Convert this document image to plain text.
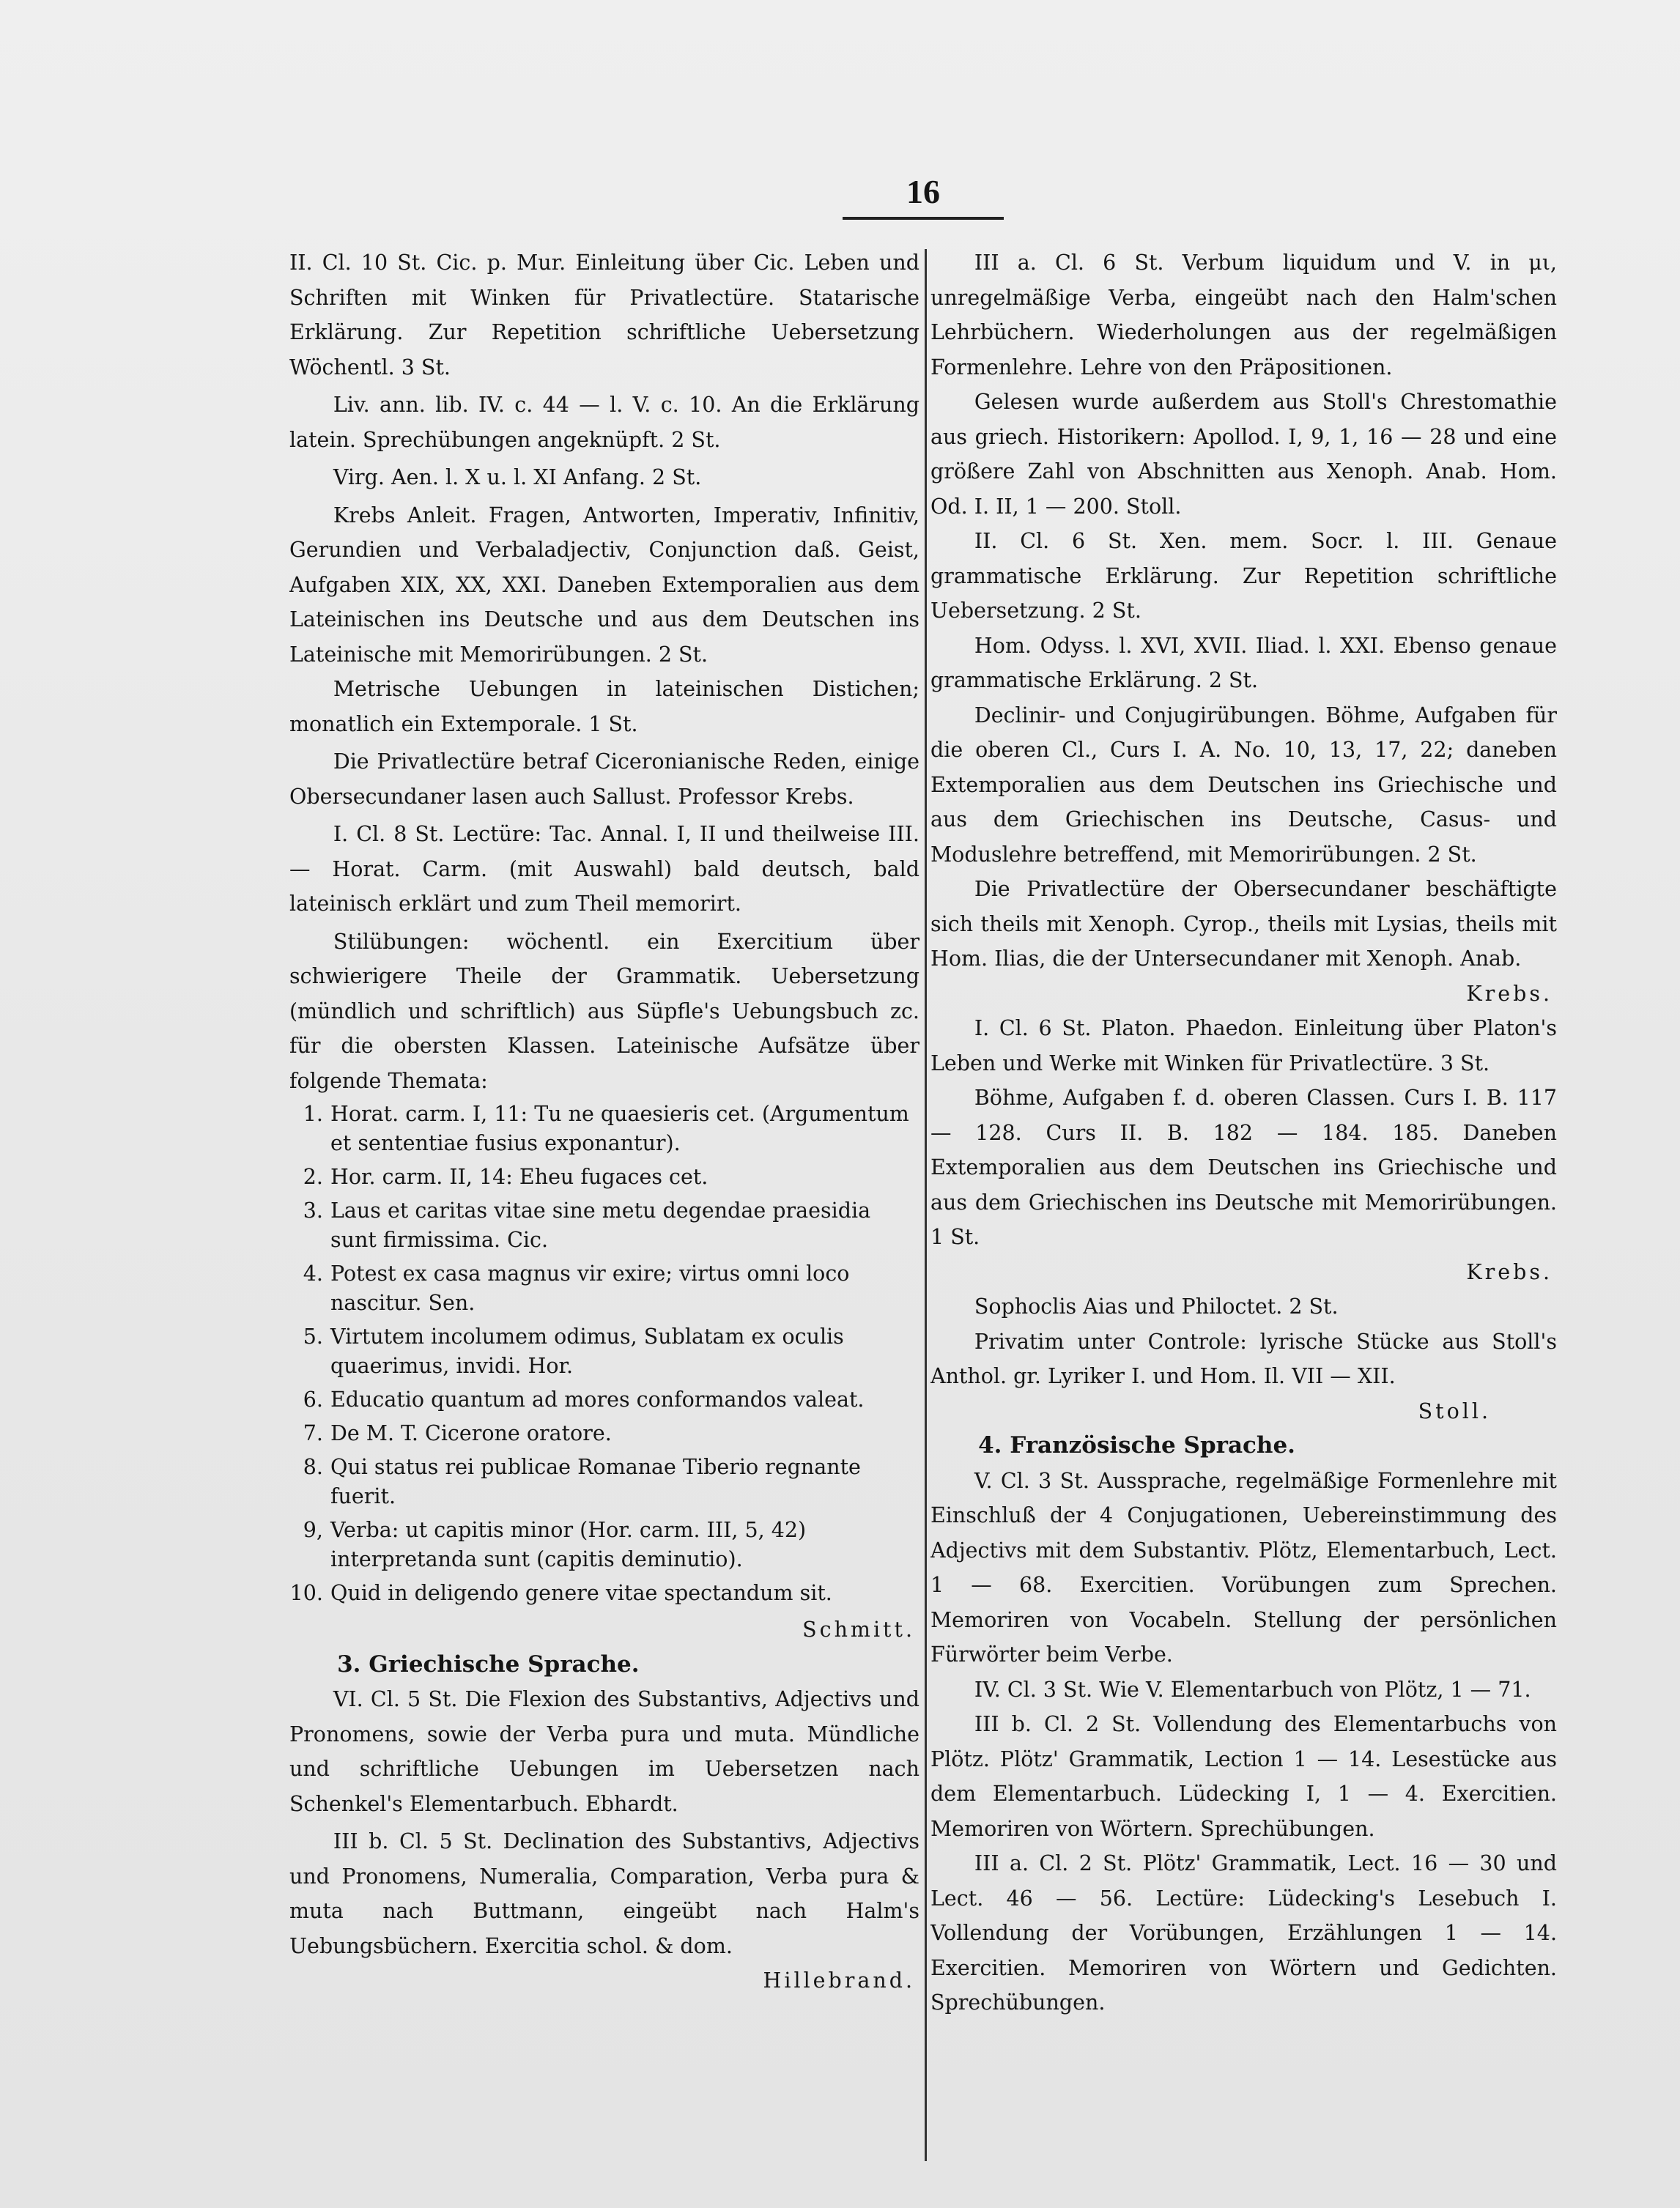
16

II. Cl. 10 St. Cic. p. Mur. Einleitung über Cic. Leben und Schriften mit Winken für Privatlectüre. Statarische Erklärung. Zur Repetition schriftliche Uebersetzung Wöchentl. 3 St.

Liv. ann. lib. IV. c. 44 — l. V. c. 10. An die Erklärung latein. Sprechübungen angeknüpft. 2 St.

Virg. Aen. l. X u. l. XI Anfang. 2 St.

Krebs Anleit. Fragen, Antworten, Imperativ, Infinitiv, Gerundien und Verbaladjectiv, Conjunction daß. Geist, Aufgaben XIX, XX, XXI. Daneben Extemporalien aus dem Lateinischen ins Deutsche und aus dem Deutschen ins Lateinische mit Memorirübungen. 2 St.

Metrische Uebungen in lateinischen Distichen; monatlich ein Extemporale. 1 St.

Die Privatlectüre betraf Ciceronianische Reden, einige Obersecundaner lasen auch Sallust. Professor Krebs.

I. Cl. 8 St. Lectüre: Tac. Annal. I, II und theilweise III. — Horat. Carm. (mit Auswahl) bald deutsch, bald lateinisch erklärt und zum Theil memorirt.

Stilübungen: wöchentl. ein Exercitium über schwierigere Theile der Grammatik. Uebersetzung (mündlich und schriftlich) aus Süpfle's Uebungsbuch zc. für die obersten Klassen. Lateinische Aufsätze über folgende Themata:

1. Horat. carm. I, 11: Tu ne quaesieris cet. (Argumentum et sententiae fusius exponantur).
2. Hor. carm. II, 14: Eheu fugaces cet.
3. Laus et caritas vitae sine metu degendae praesidia sunt firmissima. Cic.
4. Potest ex casa magnus vir exire; virtus omni loco nascitur. Sen.
5. Virtutem incolumem odimus, Sublatam ex oculis quaerimus, invidi. Hor.
6. Educatio quantum ad mores conformandos valeat.
7. De M. T. Cicerone oratore.
8. Qui status rei publicae Romanae Tiberio regnante fuerit.
9, Verba: ut capitis minor (Hor. carm. III, 5, 42) interpretanda sunt (capitis deminutio).
10. Quid in deligendo genere vitae spectandum sit.
Schmitt.

3. Griechische Sprache.

VI. Cl. 5 St. Die Flexion des Substantivs, Adjectivs und Pronomens, sowie der Verba pura und muta. Mündliche und schriftliche Uebungen im Uebersetzen nach Schenkel's Elementarbuch. Ebhardt.

III b. Cl. 5 St. Declination des Substantivs, Adjectivs und Pronomens, Numeralia, Comparation, Verba pura & muta nach Buttmann, eingeübt nach Halm's Uebungsbüchern. Exercitia schol. & dom.

Hillebrand.

III a. Cl. 6 St. Verbum liquidum und V. in μι, unregelmäßige Verba, eingeübt nach den Halm'schen Lehrbüchern. Wiederholungen aus der regelmäßigen Formenlehre. Lehre von den Präpositionen.

Gelesen wurde außerdem aus Stoll's Chrestomathie aus griech. Historikern: Apollod. I, 9, 1, 16 — 28 und eine größere Zahl von Abschnitten aus Xenoph. Anab. Hom. Od. I. II, 1 — 200. Stoll.

II. Cl. 6 St. Xen. mem. Socr. l. III. Genaue grammatische Erklärung. Zur Repetition schriftliche Uebersetzung. 2 St.

Hom. Odyss. l. XVI, XVII. Iliad. l. XXI. Ebenso genaue grammatische Erklärung. 2 St.

Declinir- und Conjugirübungen. Böhme, Aufgaben für die oberen Cl., Curs I. A. No. 10, 13, 17, 22; daneben Extemporalien aus dem Deutschen ins Griechische und aus dem Griechischen ins Deutsche, Casus- und Moduslehre betreffend, mit Memorirübungen. 2 St.

Die Privatlectüre der Obersecundaner beschäftigte sich theils mit Xenoph. Cyrop., theils mit Lysias, theils mit Hom. Ilias, die der Untersecundaner mit Xenoph. Anab.

Krebs.

I. Cl. 6 St. Platon. Phaedon. Einleitung über Platon's Leben und Werke mit Winken für Privatlectüre. 3 St.

Böhme, Aufgaben f. d. oberen Classen. Curs I. B. 117 — 128. Curs II. B. 182 — 184. 185. Daneben Extemporalien aus dem Deutschen ins Griechische und aus dem Griechischen ins Deutsche mit Memorirübungen. 1 St.

Krebs.

Sophoclis Aias und Philoctet. 2 St.

Privatim unter Controle: lyrische Stücke aus Stoll's Anthol. gr. Lyriker I. und Hom. Il. VII — XII.

Stoll.

4. Französische Sprache.

V. Cl. 3 St. Aussprache, regelmäßige Formenlehre mit Einschluß der 4 Conjugationen, Uebereinstimmung des Adjectivs mit dem Substantiv. Plötz, Elementarbuch, Lect. 1 — 68. Exercitien. Vorübungen zum Sprechen. Memoriren von Vocabeln. Stellung der persönlichen Fürwörter beim Verbe.

IV. Cl. 3 St. Wie V. Elementarbuch von Plötz, 1 — 71.

III b. Cl. 2 St. Vollendung des Elementarbuchs von Plötz. Plötz' Grammatik, Lection 1 — 14. Lesestücke aus dem Elementarbuch. Lüdecking I, 1 — 4. Exercitien. Memoriren von Wörtern. Sprechübungen.

III a. Cl. 2 St. Plötz' Grammatik, Lect. 16 — 30 und Lect. 46 — 56. Lectüre: Lüdecking's Lesebuch I. Vollendung der Vorübungen, Erzählungen 1 — 14. Exercitien. Memoriren von Wörtern und Gedichten. Sprechübungen.
